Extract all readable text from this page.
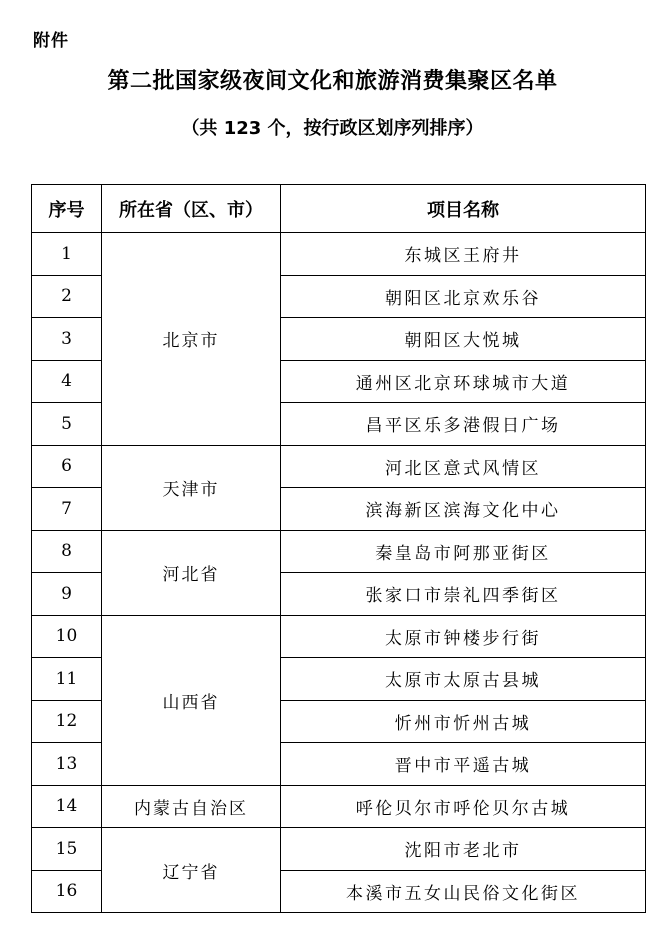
附件
第二批国家级夜间文化和旅游消费集聚区名单
（共 123 个，按行政区划序列排序）
序号	所在省（区、市）	项目名称
1	北京市	东城区王府井
2		朝阳区北京欢乐谷
3		朝阳区大悦城
4		通州区北京环球城市大道
5		昌平区乐多港假日广场
6	天津市	河北区意式风情区
7		滨海新区滨海文化中心
8	河北省	秦皇岛市阿那亚街区
9		张家口市崇礼四季街区
10	山西省	太原市钟楼步行街
11		太原市太原古县城
12		忻州市忻州古城
13		晋中市平遥古城
14	内蒙古自治区	呼伦贝尔市呼伦贝尔古城
15	辽宁省	沈阳市老北市
16		本溪市五女山民俗文化街区
